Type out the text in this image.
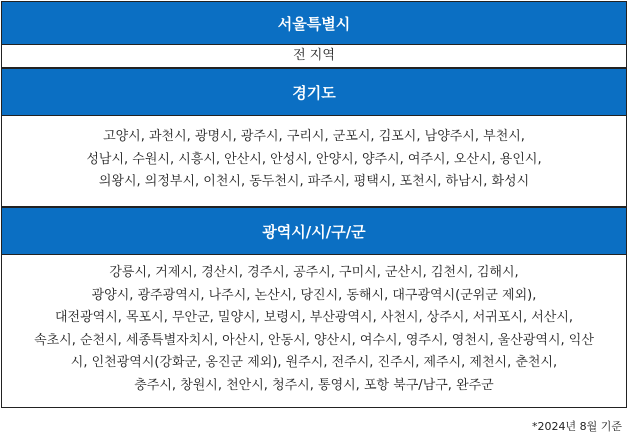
서울특별시
전 지역
경기도
고양시, 과천시, 광명시, 광주시, 구리시, 군포시, 김포시, 남양주시, 부천시,
성남시, 수원시, 시흥시, 안산시, 안성시, 안양시, 양주시, 여주시, 오산시, 용인시,
의왕시, 의정부시, 이천시, 동두천시, 파주시, 평택시, 포천시, 하남시, 화성시
광역시/시/구/군
강릉시, 거제시, 경산시, 경주시, 공주시, 구미시, 군산시, 김천시, 김해시,
광양시, 광주광역시, 나주시, 논산시, 당진시, 동해시, 대구광역시(군위군 제외),
대전광역시, 목포시, 무안군, 밀양시, 보령시, 부산광역시, 사천시, 상주시, 서귀포시, 서산시,
속초시, 순천시, 세종특별자치시, 아산시, 안동시, 양산시, 여수시, 영주시, 영천시, 울산광역시, 익산
시, 인천광역시(강화군, 옹진군 제외), 원주시, 전주시, 진주시, 제주시, 제천시, 춘천시,
충주시, 창원시, 천안시, 청주시, 통영시, 포항 북구/남구, 완주군
*2024년 8월 기준
